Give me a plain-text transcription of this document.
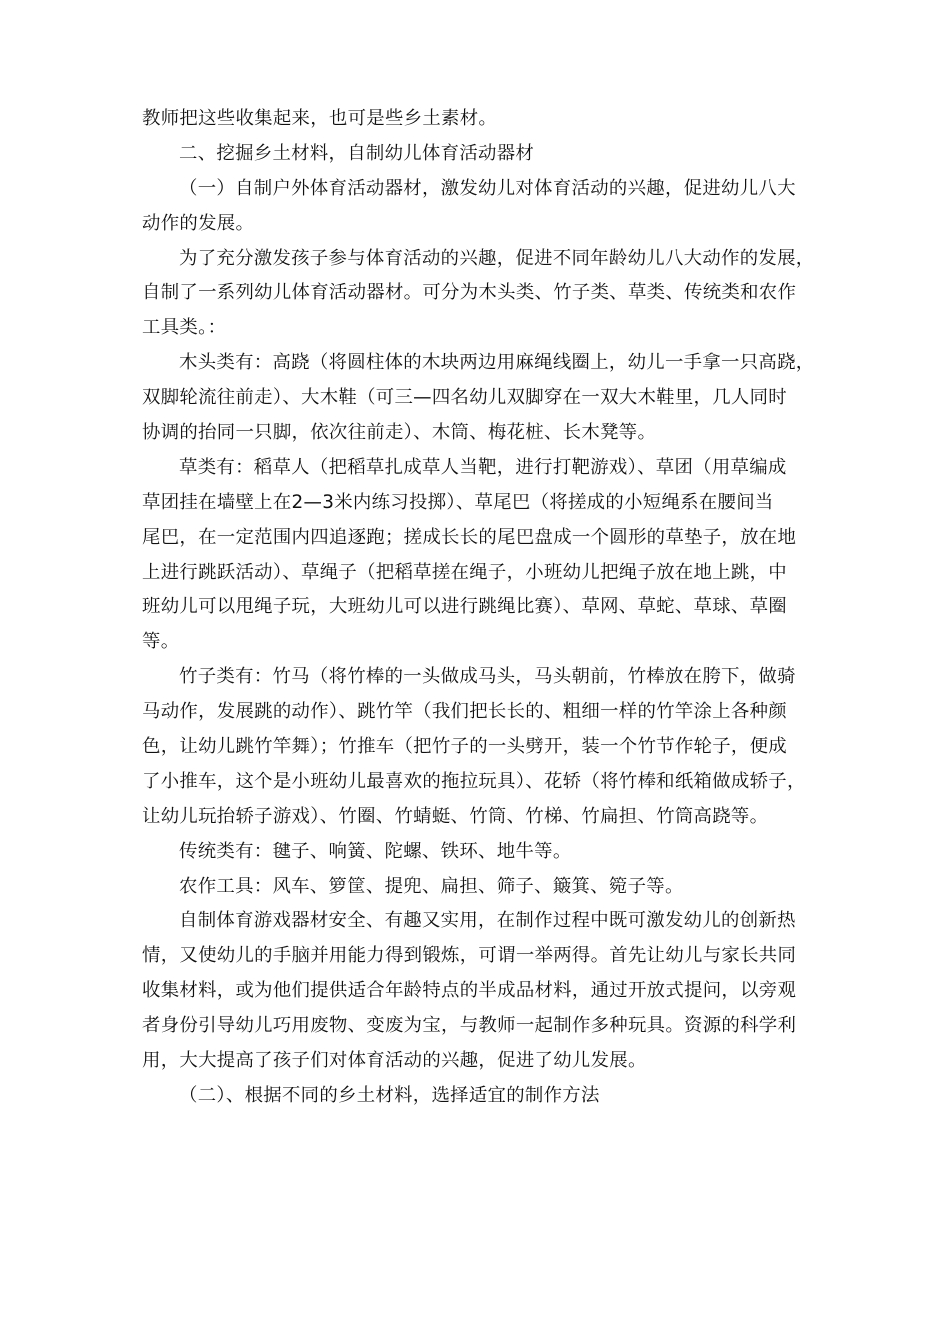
教师把这些收集起来，也可是些乡土素材。

二、挖掘乡土材料，自制幼儿体育活动器材

（一）自制户外体育活动器材，激发幼儿对体育活动的兴趣，促进幼儿八大

动作的发展。

为了充分激发孩子参与体育活动的兴趣，促进不同年龄幼儿八大动作的发展，

自制了一系列幼儿体育活动器材。可分为木头类、竹子类、草类、传统类和农作

工具类。：

木头类有：高跷（将圆柱体的木块两边用麻绳线圈上，幼儿一手拿一只高跷，

双脚轮流往前走）、大木鞋（可三—四名幼儿双脚穿在一双大木鞋里，几人同时

协调的抬同一只脚，依次往前走）、木筒、梅花桩、长木凳等。

草类有：稻草人（把稻草扎成草人当靶，进行打靶游戏）、草团（用草编成

草团挂在墙壁上在2—3米内练习投掷）、草尾巴（将搓成的小短绳系在腰间当

尾巴，在一定范围内四追逐跑；搓成长长的尾巴盘成一个圆形的草垫子，放在地

上进行跳跃活动）、草绳子（把稻草搓在绳子，小班幼儿把绳子放在地上跳，中

班幼儿可以甩绳子玩，大班幼儿可以进行跳绳比赛）、草网、草蛇、草球、草圈

等。

竹子类有：竹马（将竹棒的一头做成马头，马头朝前，竹棒放在胯下，做骑

马动作，发展跳的动作）、跳竹竿（我们把长长的、粗细一样的竹竿涂上各种颜

色，让幼儿跳竹竿舞）；竹推车（把竹子的一头劈开，装一个竹节作轮子，便成

了小推车，这个是小班幼儿最喜欢的拖拉玩具）、花轿（将竹棒和纸箱做成轿子，

让幼儿玩抬轿子游戏）、竹圈、竹蜻蜓、竹筒、竹梯、竹扁担、竹筒高跷等。

传统类有：毽子、响簧、陀螺、铁环、地牛等。

农作工具：风车、箩筐、提兜、扁担、筛子、簸箕、箢子等。

自制体育游戏器材安全、有趣又实用，在制作过程中既可激发幼儿的创新热

情，又使幼儿的手脑并用能力得到锻炼，可谓一举两得。首先让幼儿与家长共同

收集材料，或为他们提供适合年龄特点的半成品材料，通过开放式提问，以旁观

者身份引导幼儿巧用废物、变废为宝，与教师一起制作多种玩具。资源的科学利

用，大大提高了孩子们对体育活动的兴趣，促进了幼儿发展。

（二）、根据不同的乡土材料，选择适宜的制作方法
